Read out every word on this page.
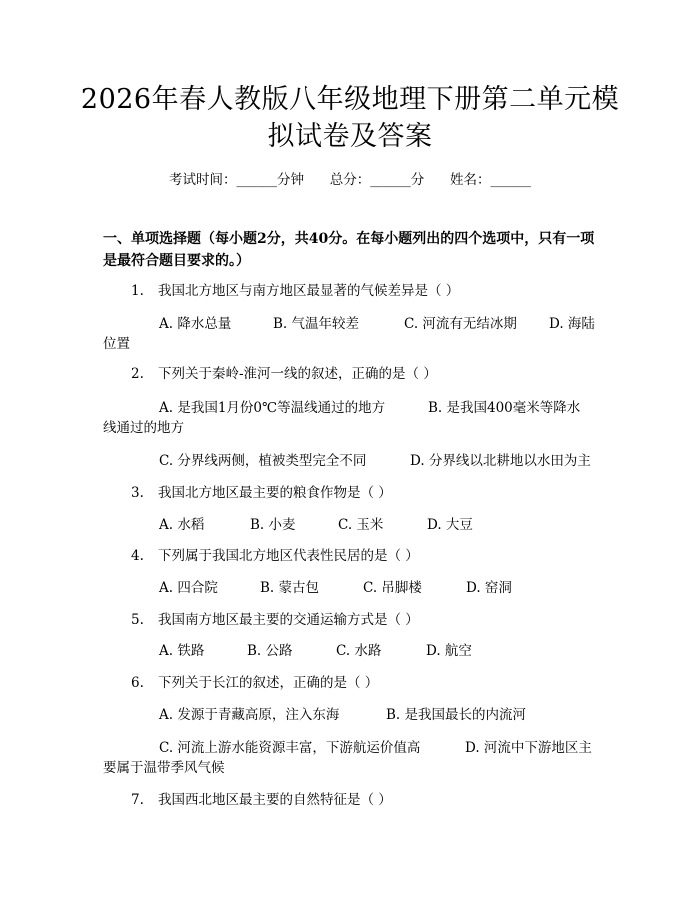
2026年春人教版八年级地理下册第二单元模
拟试卷及答案
考试时间：______分钟      总分：______分      姓名：______
一、单项选择题（每小题2分，共40分。在每小题列出的四个选项中，只有一项是最符合题目要求的。）
1. 我国北方地区与南方地区最显著的气候差异是（ ）
A. 降水总量	B. 气温年较差	C. 河流有无结冰期 D. 海陆
位置
2. 下列关于秦岭-淮河一线的叙述，正确的是（ ）
A. 是我国1月份0℃等温线通过的地方	B. 是我国400毫米等降水
线通过的地方
C. 分界线两侧，植被类型完全不同	D. 分界线以北耕地以水田为主
3. 我国北方地区最主要的粮食作物是（ ）
A. 水稻	B. 小麦	C. 玉米	D. 大豆
4. 下列属于我国北方地区代表性民居的是（ ）
A. 四合院	B. 蒙古包	C. 吊脚楼	D. 窑洞
5. 我国南方地区最主要的交通运输方式是（ ）
A. 铁路	B. 公路	C. 水路	D. 航空
6. 下列关于长江的叙述，正确的是（ ）
A. 发源于青藏高原，注入东海	B. 是我国最长的内流河
C. 河流上游水能资源丰富，下游航运价值高	D. 河流中下游地区主
要属于温带季风气候
7. 我国西北地区最主要的自然特征是（ ）
